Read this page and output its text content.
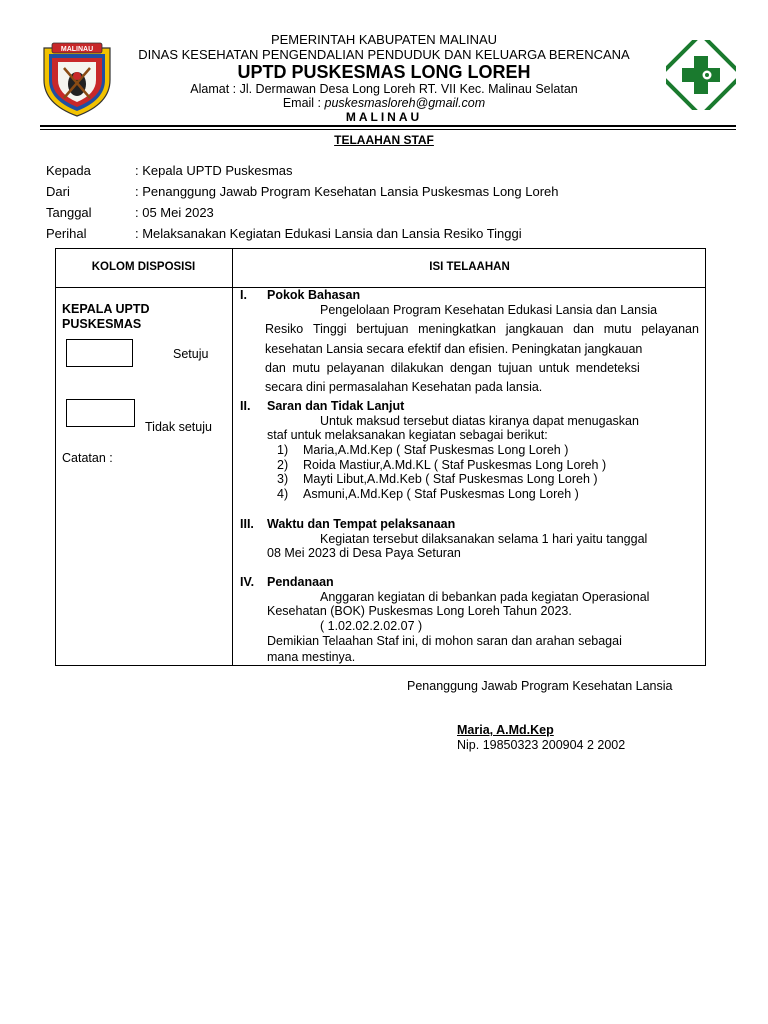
MALINAU
PEMERINTAH KABUPATEN MALINAU
DINAS KESEHATAN PENGENDALIAN PENDUDUK DAN KELUARGA BERENCANA
UPTD PUSKESMAS LONG LOREH
Alamat : Jl. Dermawan Desa Long Loreh RT. VII Kec. Malinau Selatan
Email : puskesmasloreh@gmail.com
MALINAU
TELAAHAN STAF
Kepada	: Kepala UPTD Puskesmas
Dari	: Penanggung Jawab Program Kesehatan Lansia Puskesmas Long Loreh
Tanggal	: 05 Mei 2023
Perihal	: Melaksanakan Kegiatan Edukasi Lansia dan Lansia Resiko Tinggi
KOLOM DISPOSISI	ISI TELAAHAN
KEPALA UPTD
PUSKESMAS
Setuju
Tidak setuju
Catatan :
I. Pokok Bahasan
Pengelolaan Program Kesehatan Edukasi Lansia dan Lansia
Resiko Tinggi bertujuan meningkatkan jangkauan dan mutu pelayanan
kesehatan Lansia secara efektif dan efisien. Peningkatan jangkauan
dan mutu pelayanan dilakukan dengan tujuan untuk mendeteksi
secara dini permasalahan Kesehatan pada lansia.
II. Saran dan Tidak Lanjut
Untuk maksud tersebut diatas kiranya dapat menugaskan
staf untuk melaksanakan kegiatan sebagai berikut:
1) Maria,A.Md.Kep ( Staf Puskesmas Long Loreh )
2) Roida Mastiur,A.Md.KL ( Staf Puskesmas Long Loreh )
3) Mayti Libut,A.Md.Keb ( Staf Puskesmas Long Loreh )
4) Asmuni,A.Md.Kep ( Staf Puskesmas Long Loreh )
III. Waktu dan Tempat pelaksanaan
Kegiatan tersebut dilaksanakan selama 1 hari yaitu tanggal
08 Mei 2023 di Desa Paya Seturan
IV. Pendanaan
Anggaran kegiatan di bebankan pada kegiatan Operasional
Kesehatan (BOK) Puskesmas Long Loreh Tahun 2023.
( 1.02.02.2.02.07 )
Demikian Telaahan Staf ini, di mohon saran dan arahan sebagai
mana mestinya.
Penanggung Jawab Program Kesehatan Lansia
Maria, A.Md.Kep
Nip. 19850323 200904 2 2002
